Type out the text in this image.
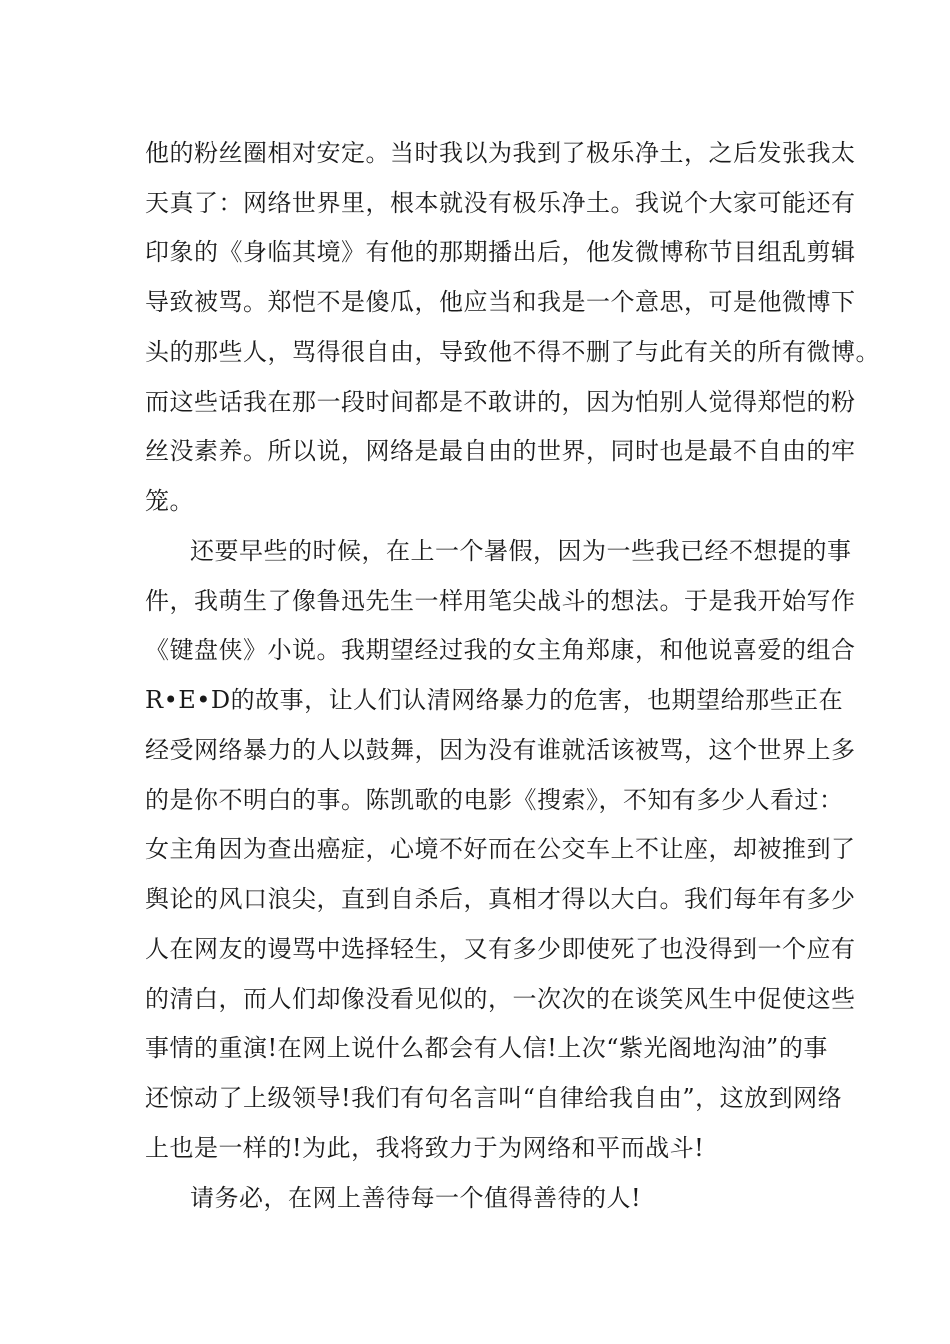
他的粉丝圈相对安定。当时我以为我到了极乐净土，之后发张我太

天真了：网络世界里，根本就没有极乐净土。我说个大家可能还有

印象的《身临其境》有他的那期播出后，他发微博称节目组乱剪辑

导致被骂。郑恺不是傻瓜，他应当和我是一个意思，可是他微博下

头的那些人，骂得很自由，导致他不得不删了与此有关的所有微博。

而这些话我在那一段时间都是不敢讲的，因为怕别人觉得郑恺的粉

丝没素养。所以说，网络是最自由的世界，同时也是最不自由的牢

笼。

还要早些的时候，在上一个暑假，因为一些我已经不想提的事

件，我萌生了像鲁迅先生一样用笔尖战斗的想法。于是我开始写作

《键盘侠》小说。我期望经过我的女主角郑康，和他说喜爱的组合

R•E•D的故事，让人们认清网络暴力的危害，也期望给那些正在

经受网络暴力的人以鼓舞，因为没有谁就活该被骂，这个世界上多

的是你不明白的事。陈凯歌的电影《搜索》，不知有多少人看过：

女主角因为查出癌症，心境不好而在公交车上不让座，却被推到了

舆论的风口浪尖，直到自杀后，真相才得以大白。我们每年有多少

人在网友的谩骂中选择轻生，又有多少即使死了也没得到一个应有

的清白，而人们却像没看见似的，一次次的在谈笑风生中促使这些

事情的重演!在网上说什么都会有人信!上次“紫光阁地沟油”的事

还惊动了上级领导!我们有句名言叫“自律给我自由”，这放到网络

上也是一样的!为此，我将致力于为网络和平而战斗!

请务必，在网上善待每一个值得善待的人!
